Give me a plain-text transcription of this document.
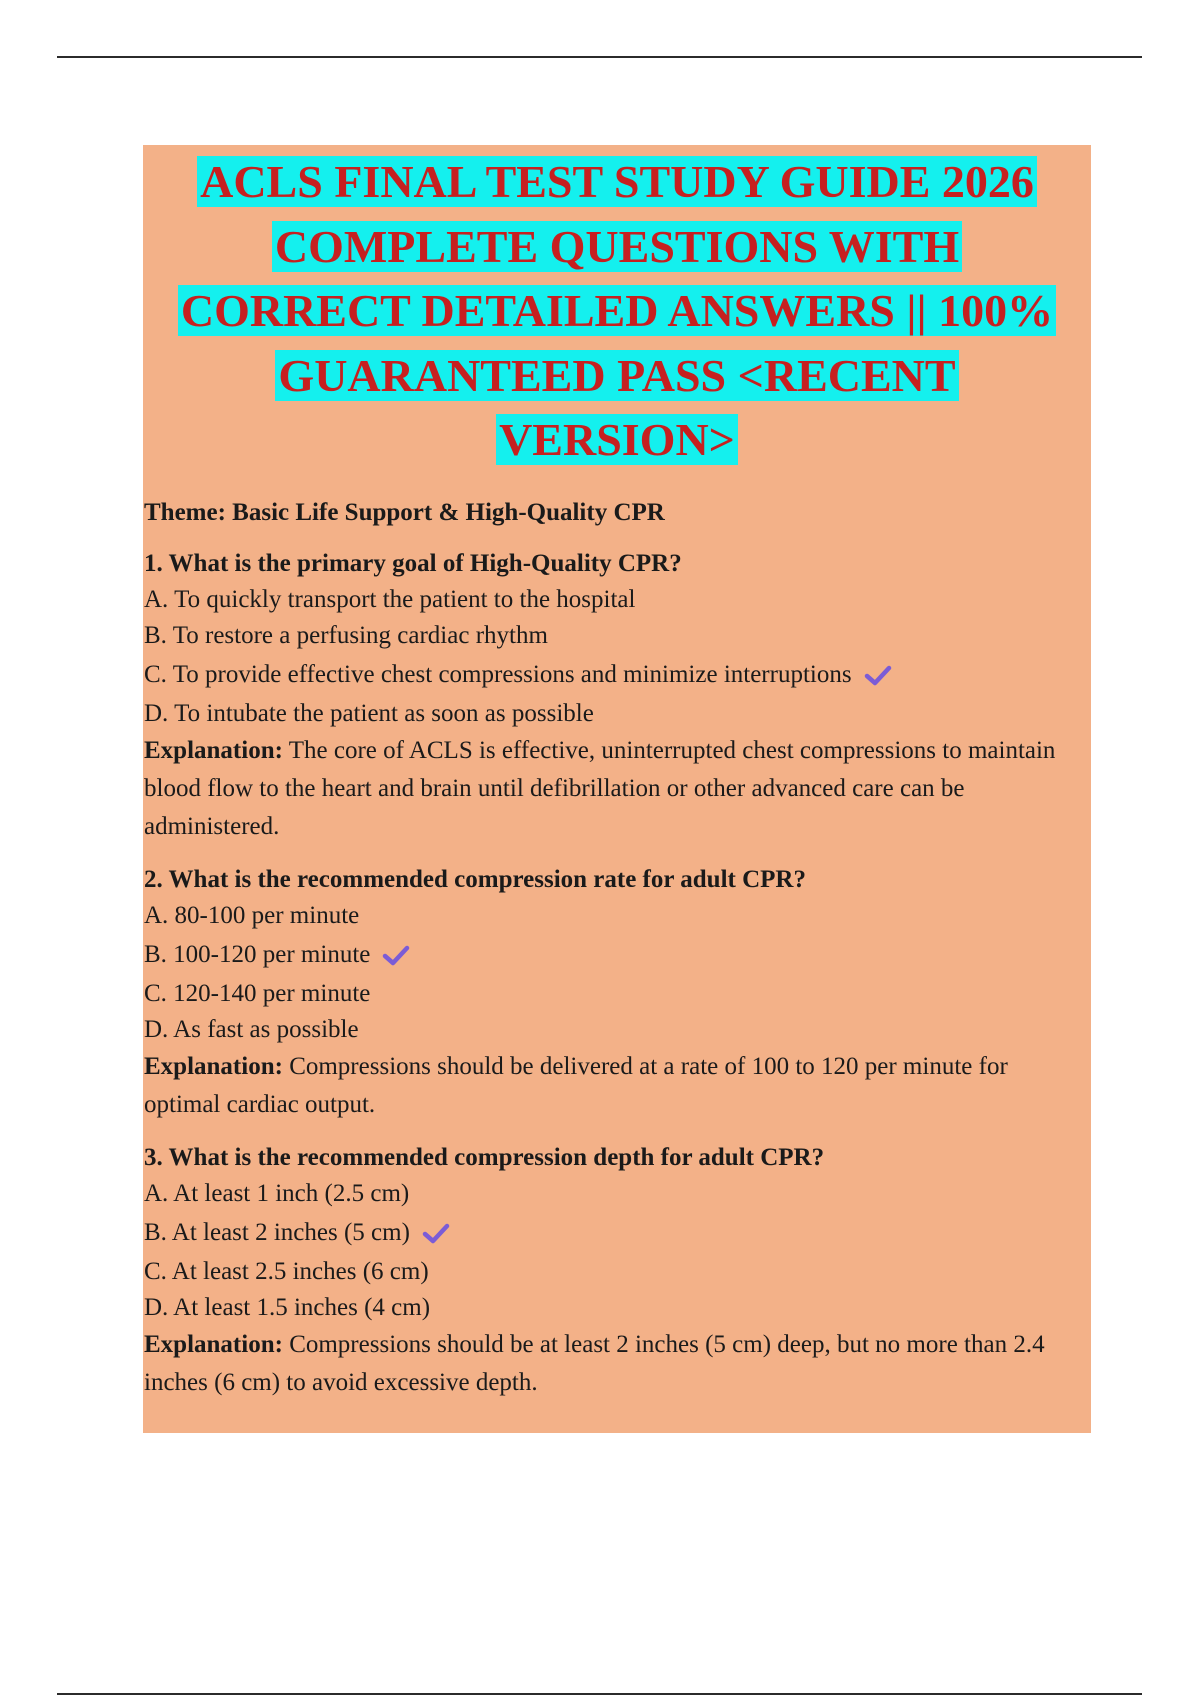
ACLS FINAL TEST STUDY GUIDE 2026
COMPLETE QUESTIONS WITH
CORRECT DETAILED ANSWERS || 100%
GUARANTEED PASS <RECENT
VERSION>
Theme: Basic Life Support & High-Quality CPR
1. What is the primary goal of High-Quality CPR?
A. To quickly transport the patient to the hospital
B. To restore a perfusing cardiac rhythm
C. To provide effective chest compressions and minimize interruptions
D. To intubate the patient as soon as possible
Explanation: The core of ACLS is effective, uninterrupted chest compressions to maintain blood flow to the heart and brain until defibrillation or other advanced care can be administered.
2. What is the recommended compression rate for adult CPR?
A. 80-100 per minute
B. 100-120 per minute
C. 120-140 per minute
D. As fast as possible
Explanation: Compressions should be delivered at a rate of 100 to 120 per minute for optimal cardiac output.
3. What is the recommended compression depth for adult CPR?
A. At least 1 inch (2.5 cm)
B. At least 2 inches (5 cm)
C. At least 2.5 inches (6 cm)
D. At least 1.5 inches (4 cm)
Explanation: Compressions should be at least 2 inches (5 cm) deep, but no more than 2.4 inches (6 cm) to avoid excessive depth.
